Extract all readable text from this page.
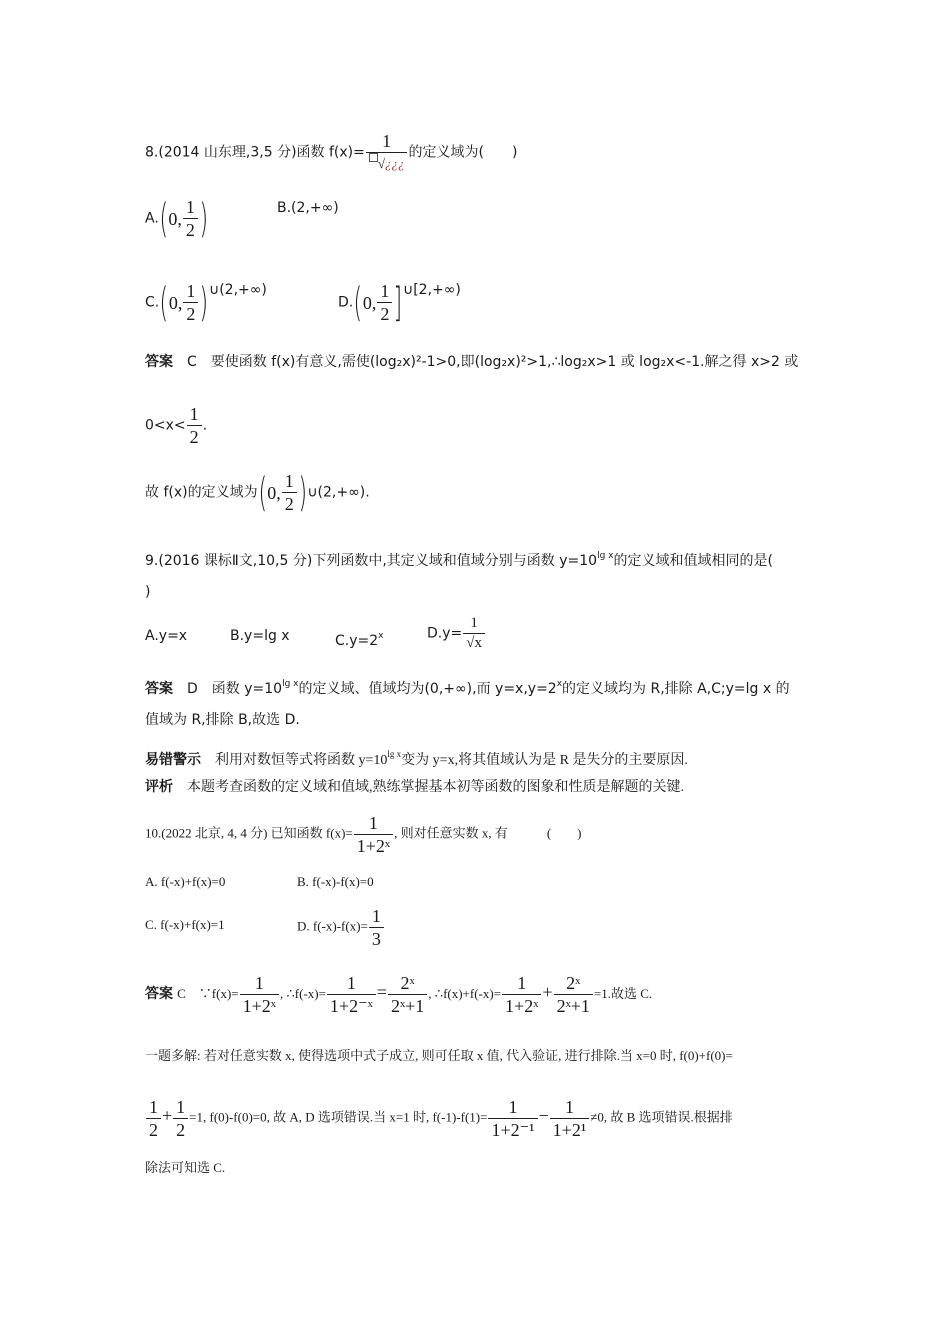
8.(2014 山东理,3,5 分)函数 $f(x)= \frac{1}{√¿¿¿}$ 的定义域为(　　)
A. ( 0, $\frac{1}{2}$ )	B.(2,+∞)
C. ( 0, $\frac{1}{2}$ ) ∪(2,+∞)
D. ( 0, $\frac{1}{2}$ ] ∪[2,+∞)
答案　 C　要使函数 f(x)有意义,需使(log₂x)²-1>0,即(log₂x)²>1,∴log₂x>1 或 log₂x<-1.解之得 x>2 或
$0<x< \frac{1}{2}$ .
故 f(x)的定义域为 ( 0, $\frac{1}{2}$ ) ∪(2,+∞).
9.(2016 课标Ⅱ文,10,5 分)下列函数中,其定义域和值域分别与函数 $y=10^{lg x}$的定义域和值域相同的是(
)
A.y=x	B.y=lg x	$C.y=2^x$	$D.y= \frac{1}{√x}$
答案　 D　函数 $y=10^{lg x}$的定义域、值域均为(0,+∞),而 $y=x,y=2^x$的定义域均为 R,排除 A,C;y=lg x 的
值域为 R,排除 B,故选 D.
易错警示　 利用对数恒等式将函数 $y=10^{lg x}$变为 y=x,将其值域认为是 R 是失分的主要原因.
评析　 本题考查函数的定义域和值域,熟练掌握基本初等函数的图象和性质是解题的关键.
10.(2022 北京, 4, 4 分) 已知函数 $f(x)= \frac{1}{\text{1+2ˣ}}$ , 则对任意实数 x, 有　　　(　　)
A. f(-x)+f(x)=0	B. f(-x)-f(x)=0
C. f(-x)+f(x)=1	D. $f(-x)-f(x)= \frac{1}{3}$
答案 C　∵f(x)= $\frac{1}{\text{1+2ˣ}}$ , ∴f(-x)= $\frac{1}{\text{1+2⁻ˣ}} = \frac{\text{2ˣ}}{\text{2ˣ+1}}$ , ∴f(x)+f(-x)= $\frac{1}{\text{1+2ˣ}} + \frac{\text{2ˣ}}{\text{2ˣ+1}} =1$.故选 C.
一题多解: 若对任意实数 x, 使得选项中式子成立, 则可任取 x 值, 代入验证, 进行排除.当 x=0 时, f(0)+f(0)=
$\frac{1}{2} + \frac{1}{2} =1$, f(0)-f(0)=0, 故 A, D 选项错误.当 x=1 时, $f(-1)-f(1)= \frac{1}{\text{1+2⁻¹}} - \frac{1}{\text{1+2¹}} \ne 0$, 故 B 选项错误.根据排
除法可知选 C.
